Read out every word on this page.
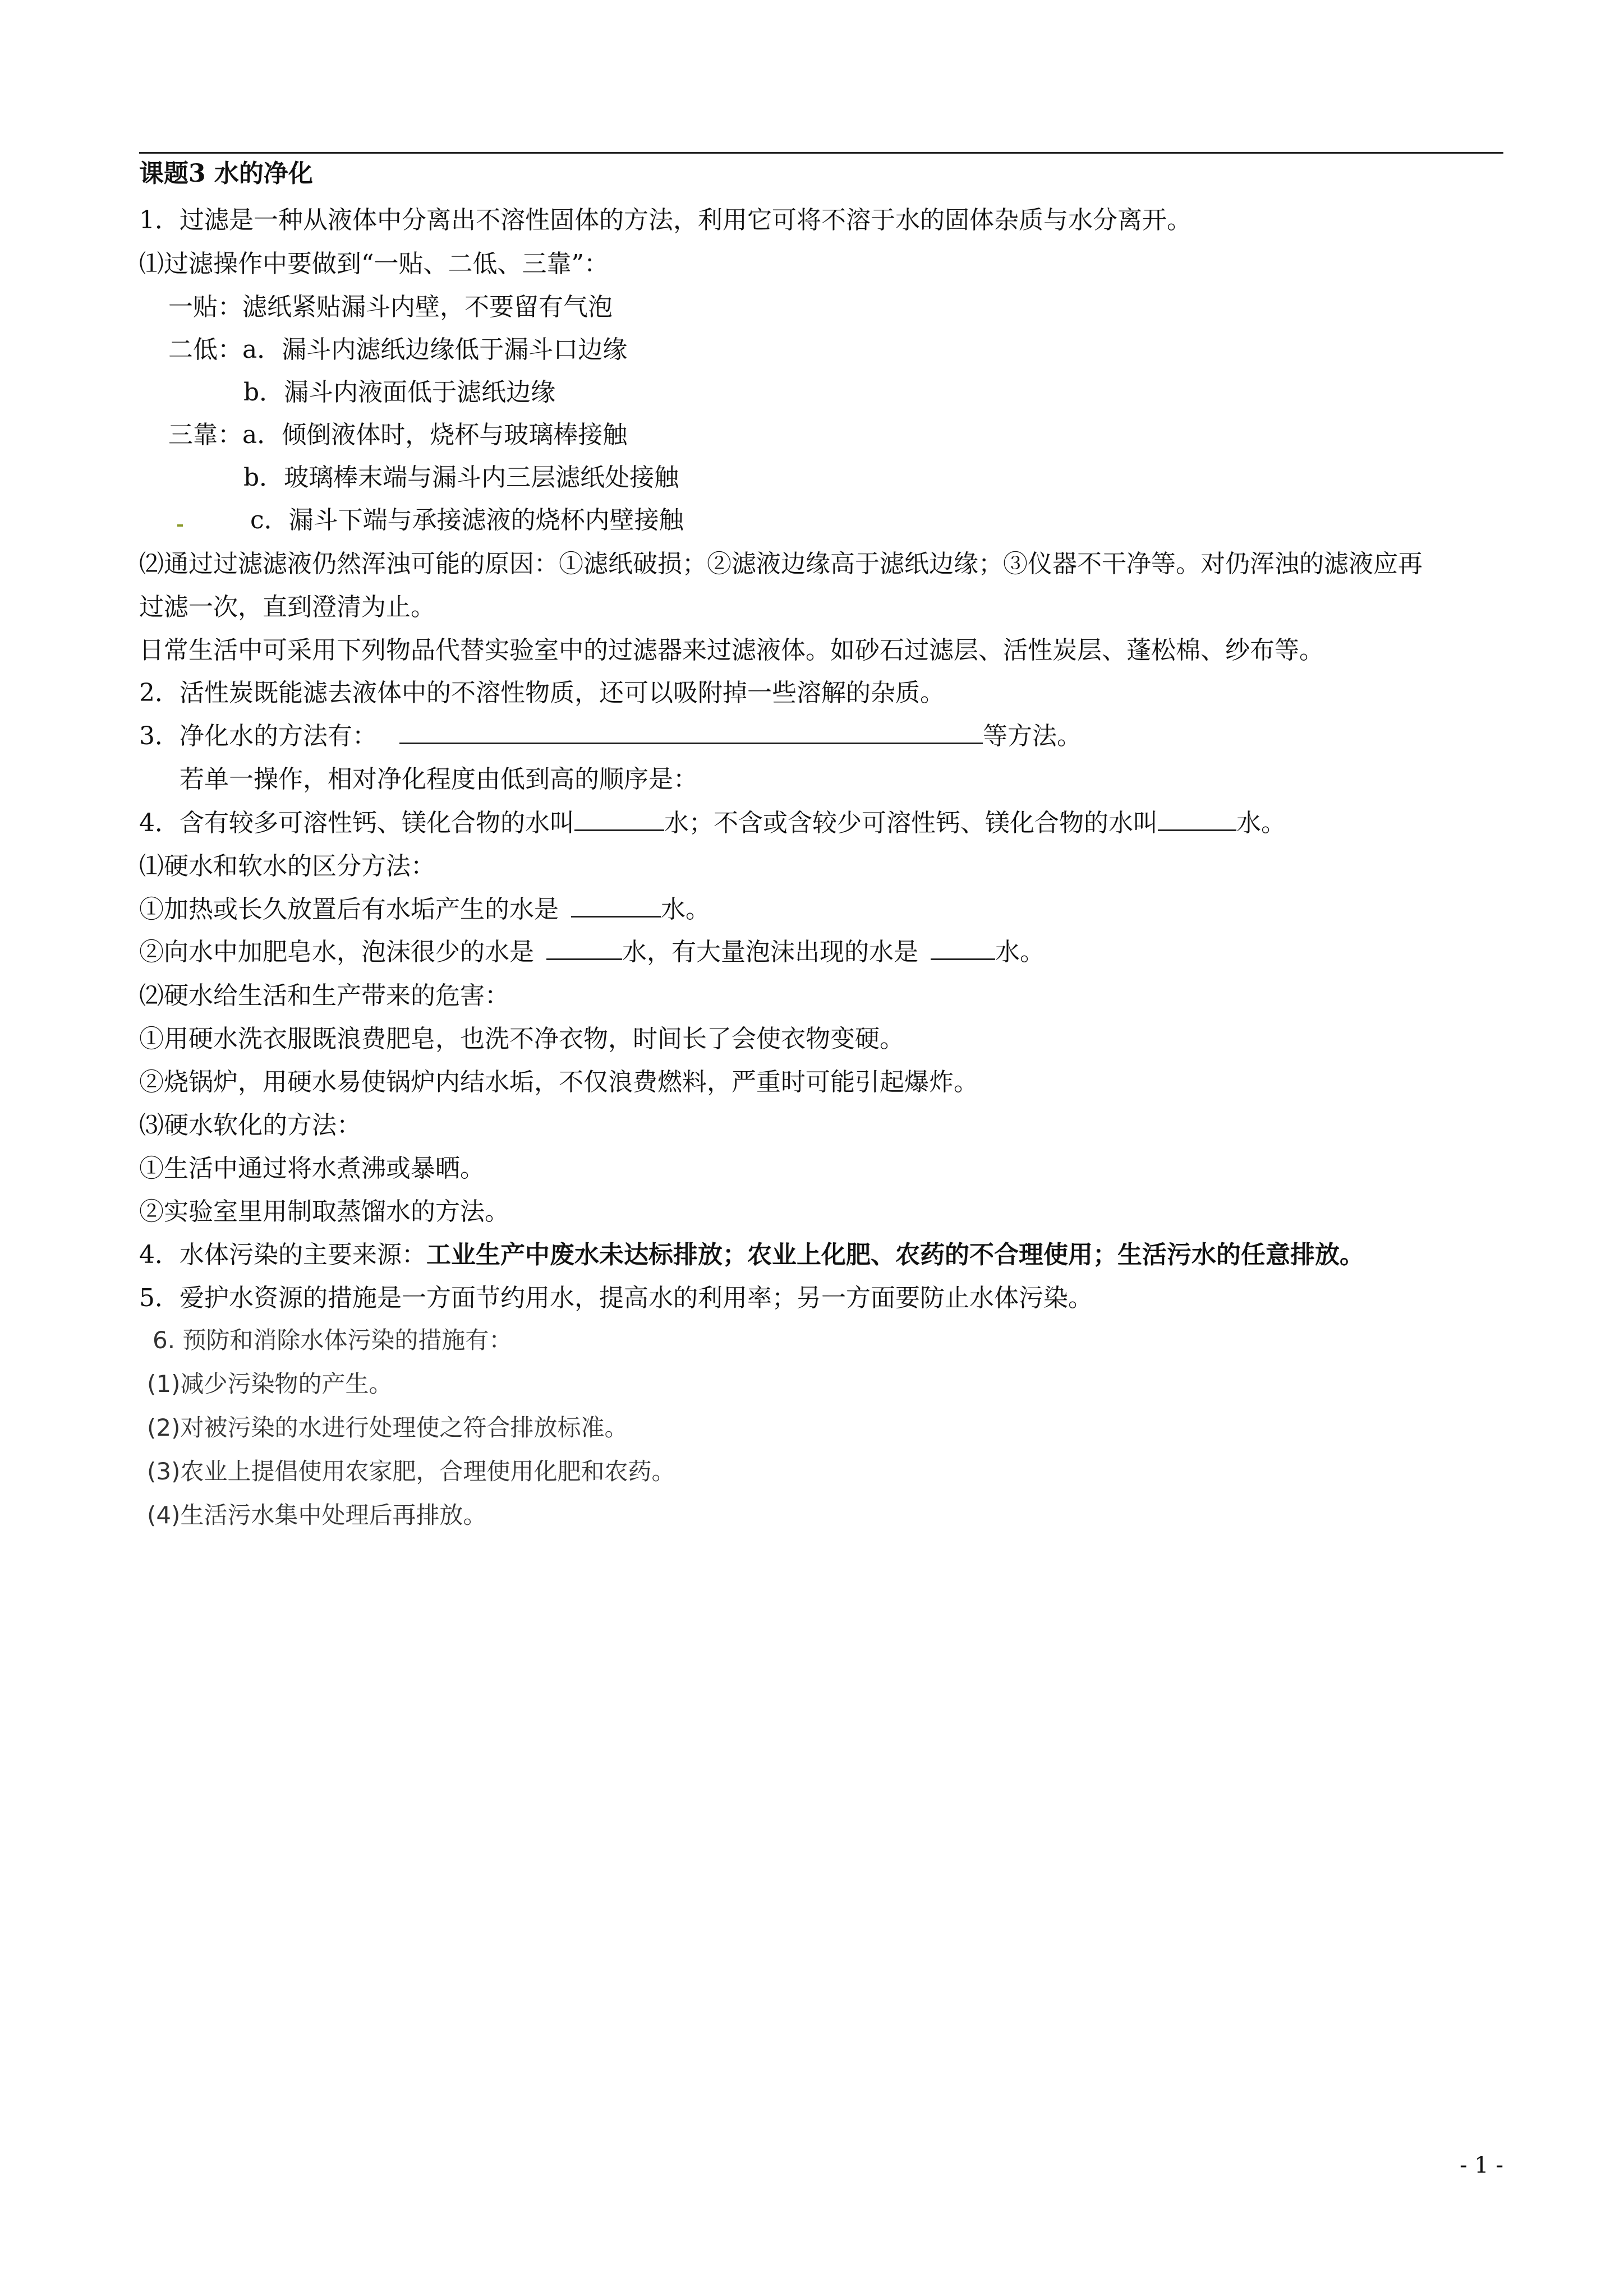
课题3 水的净化
1．过滤是一种从液体中分离出不溶性固体的方法，利用它可将不溶于水的固体杂质与水分离开。
⑴过滤操作中要做到“一贴、二低、三靠”：
一贴：滤纸紧贴漏斗内壁，不要留有气泡
二低：a．漏斗内滤纸边缘低于漏斗口边缘
b．漏斗内液面低于滤纸边缘
三靠：a．倾倒液体时，烧杯与玻璃棒接触
b．玻璃棒末端与漏斗内三层滤纸处接触
c．漏斗下端与承接滤液的烧杯内壁接触
⑵通过过滤滤液仍然浑浊可能的原因：①滤纸破损；②滤液边缘高于滤纸边缘；③仪器不干净等。对仍浑浊的滤液应再
过滤一次，直到澄清为止。
日常生活中可采用下列物品代替实验室中的过滤器来过滤液体。如砂石过滤层、活性炭层、蓬松棉、纱布等。
2．活性炭既能滤去液体中的不溶性物质，还可以吸附掉一些溶解的杂质。
3．净化水的方法有：	等方法。
若单一操作，相对净化程度由低到高的顺序是：
4．含有较多可溶性钙、镁化合物的水叫	水；不含或含较少可溶性钙、镁化合物的水叫	水。
⑴硬水和软水的区分方法：
①加热或长久放置后有水垢产生的水是	水。
②向水中加肥皂水，泡沫很少的水是	水，有大量泡沫出现的水是	水。
⑵硬水给生活和生产带来的危害：
①用硬水洗衣服既浪费肥皂，也洗不净衣物，时间长了会使衣物变硬。
②烧锅炉，用硬水易使锅炉内结水垢，不仅浪费燃料，严重时可能引起爆炸。
⑶硬水软化的方法：
①生活中通过将水煮沸或暴晒。
②实验室里用制取蒸馏水的方法。
4．水体污染的主要来源：工业生产中废水未达标排放；农业上化肥、农药的不合理使用；生活污水的任意排放。
5．爱护水资源的措施是一方面节约用水，提高水的利用率；另一方面要防止水体污染。
6. 预防和消除水体污染的措施有：
(1)减少污染物的产生。
(2)对被污染的水进行处理使之符合排放标准。
(3)农业上提倡使用农家肥，合理使用化肥和农药。
(4)生活污水集中处理后再排放。
- 1 -
